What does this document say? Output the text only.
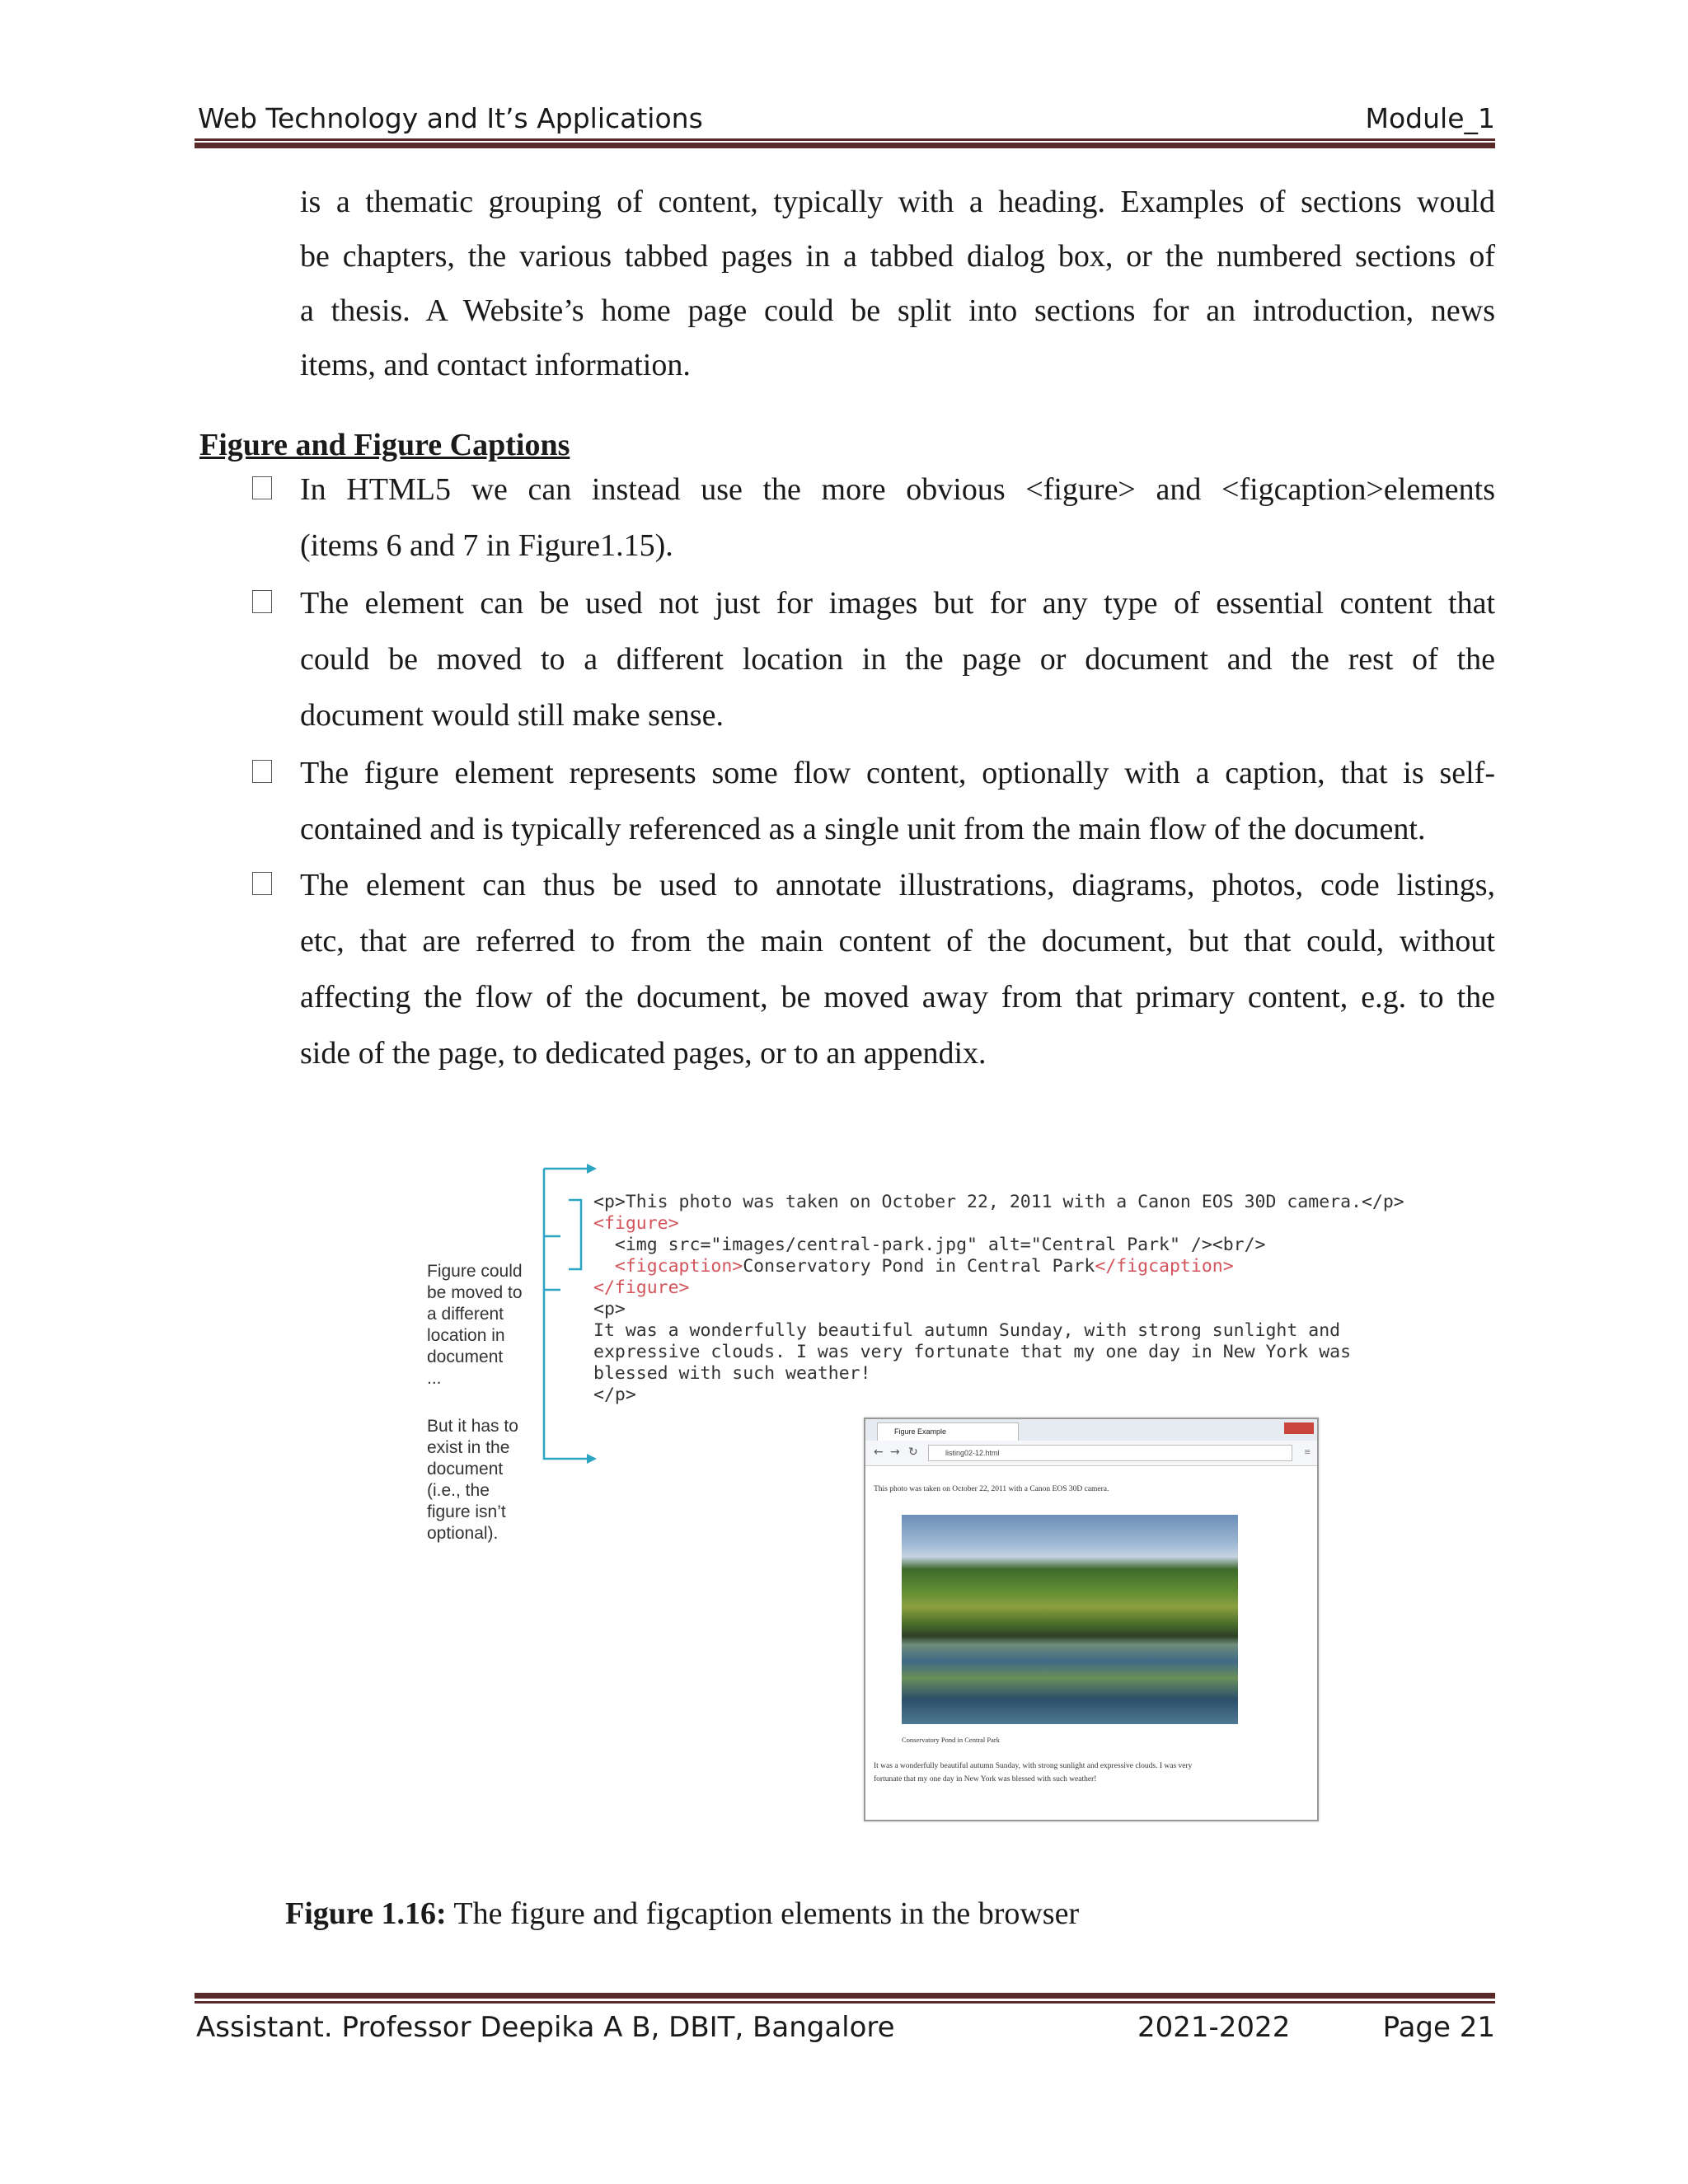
Web Technology and It’s Applications	Module_1
is a thematic grouping of content, typically with a heading. Examples of sections would
be chapters, the various tabbed pages in a tabbed dialog box, or the numbered sections of
a thesis. A Website’s home page could be split into sections for an introduction, news
items, and contact information.
Figure and Figure Captions
In HTML5 we can instead use the more obvious <figure> and <figcaption>elements
(items 6 and 7 in Figure1.15).
The element can be used not just for images but for any type of essential content that
could be moved to a different location in the page or document and the rest of the
document would still make sense.
The figure element represents some flow content, optionally with a caption, that is self-
contained and is typically referenced as a single unit from the main flow of the document.
The element can thus be used to annotate illustrations, diagrams, photos, code listings,
etc, that are referred to from the main content of the document, but that could, without
affecting the flow of the document, be moved away from that primary content, e.g. to the
side of the page, to dedicated pages, or to an appendix.
Figure could
be moved to
a different
location in
document
...
But it has to
exist in the
document
(i.e., the
figure isn’t
optional).
<p>This photo was taken on October 22, 2011 with a Canon EOS 30D camera.</p>
<figure>
<img src="images/central-park.jpg" alt="Central Park" /><br/>
<figcaption>Conservatory Pond in Central Park</figcaption>
</figure>
<p>
It was a wonderfully beautiful autumn Sunday, with strong sunlight and
expressive clouds. I was very fortunate that my one day in New York was
blessed with such weather!
</p>
Figure Example
← → ↻	listing02-12.html	≡
This photo was taken on October 22, 2011 with a Canon EOS 30D camera.
Conservatory Pond in Central Park
It was a wonderfully beautiful autumn Sunday, with strong sunlight and expressive clouds. I was very
fortunate that my one day in New York was blessed with such weather!
Figure 1.16: The figure and figcaption elements in the browser
Assistant. Professor Deepika A B, DBIT, Bangalore	2021-2022	Page 21
